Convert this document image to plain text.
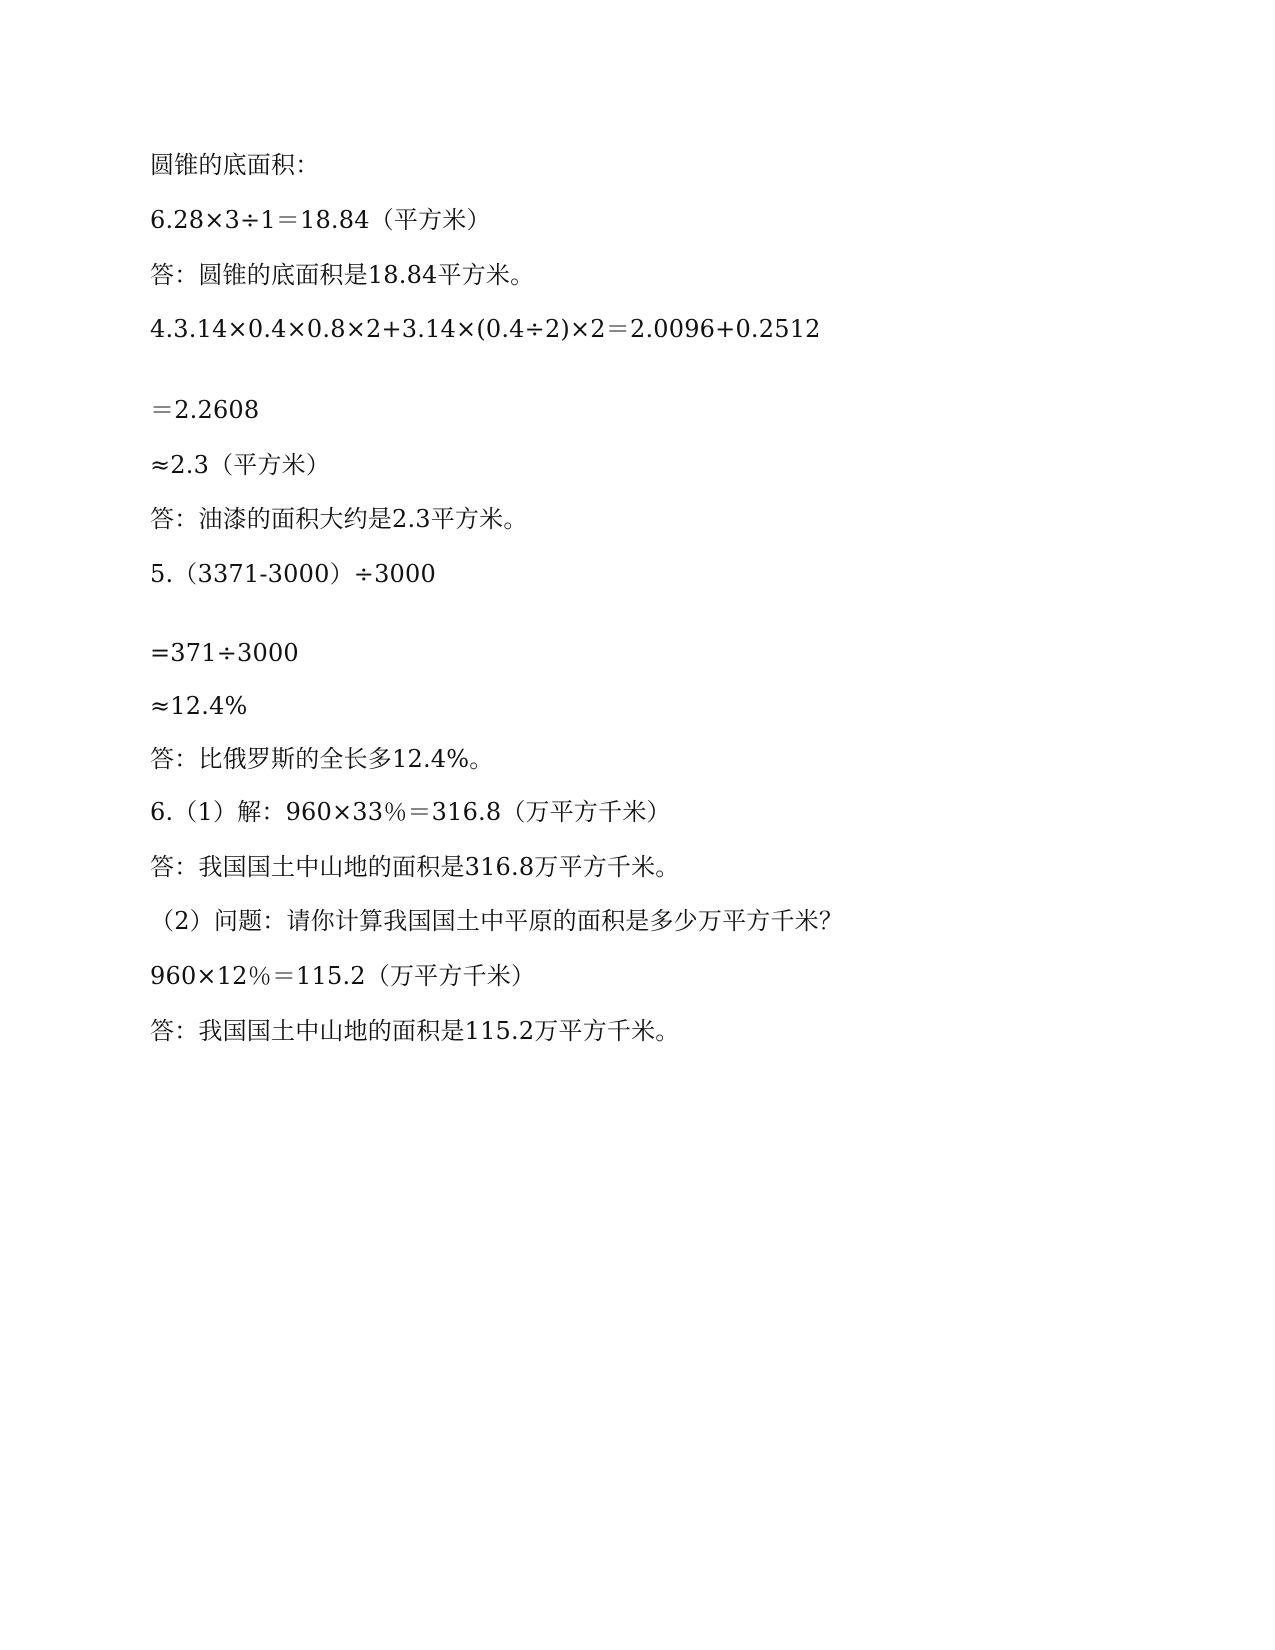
圆锥的底面积：
6.28×3÷1＝18.84（平方米）
答：圆锥的底面积是18.84平方米。
4.3.14×0.4×0.8×2+3.14×(0.4÷2)×2＝2.0096+0.2512
＝2.2608
≈2.3（平方米）
答：油漆的面积大约是2.3平方米。
5.（3371-3000）÷3000
=371÷3000
≈12.4%
答：比俄罗斯的全长多12.4%。
6.（1）解：960×33％＝316.8（万平方千米）
答：我国国土中山地的面积是316.8万平方千米。
（2）问题：请你计算我国国土中平原的面积是多少万平方千米？
960×12％＝115.2（万平方千米）
答：我国国土中山地的面积是115.2万平方千米。
